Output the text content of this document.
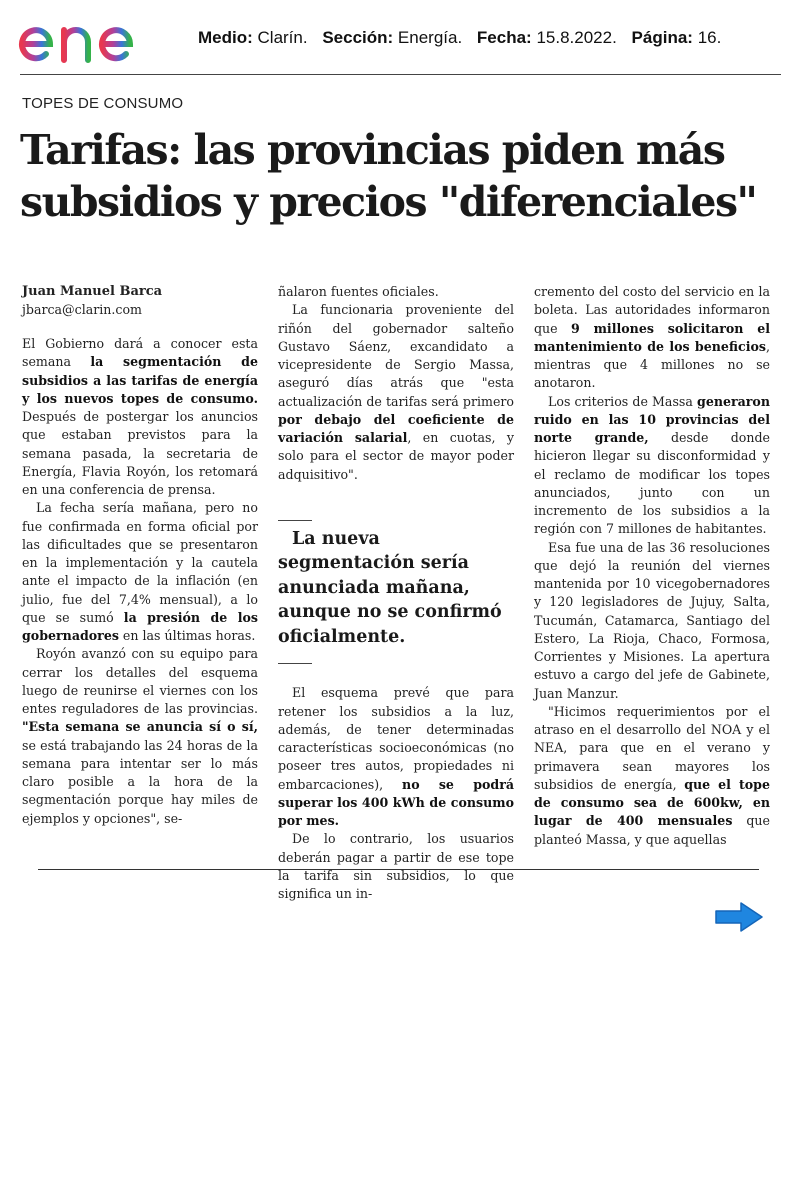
Medio: Clarín. Sección: Energía. Fecha: 15.8.2022. Página: 16.
TOPES DE CONSUMO
Tarifas: las provincias piden más subsidios y precios "diferenciales"

Juan Manuel Barca

jbarca@clarin.com

El Gobierno dará a conocer esta semana la segmentación de subsidios a las tarifas de energía y los nuevos topes de consumo. Después de postergar los anuncios que estaban previstos para la semana pasada, la secretaria de Energía, Flavia Royón, los retomará en una conferencia de prensa.

La fecha sería mañana, pero no fue confirmada en forma oficial por las dificultades que se presentaron en la implementación y la cautela ante el impacto de la inflación (en julio, fue del 7,4% mensual), a lo que se sumó la presión de los gobernadores en las últimas horas.

Royón avanzó con su equipo para cerrar los detalles del esquema luego de reunirse el viernes con los entes reguladores de las provincias. "Esta semana se anuncia sí o sí, se está trabajando las 24 horas de la semana para intentar ser lo más claro posible a la hora de la segmentación porque hay miles de ejemplos y opciones", se-

ñalaron fuentes oficiales.

La funcionaria proveniente del riñón del gobernador salteño Gustavo Sáenz, excandidato a vicepresidente de Sergio Massa, aseguró días atrás que "esta actualización de tarifas será primero por debajo del coeficiente de variación salarial, en cuotas, y solo para el sector de mayor poder adquisitivo".

La nueva segmentación sería anunciada mañana, aunque no se confirmó oficialmente.

El esquema prevé que para retener los subsidios a la luz, además, de tener determinadas características socioeconómicas (no poseer tres autos, propiedades ni embarcaciones), no se podrá superar los 400 kWh de consumo por mes.

De lo contrario, los usuarios deberán pagar a partir de ese tope la tarifa sin subsidios, lo que significa un in-

cremento del costo del servicio en la boleta. Las autoridades informaron que 9 millones solicitaron el mantenimiento de los beneficios, mientras que 4 millones no se anotaron.

Los criterios de Massa generaron ruido en las 10 provincias del norte grande, desde donde hicieron llegar su disconformidad y el reclamo de modificar los topes anunciados, junto con un incremento de los subsidios a la región con 7 millones de habitantes.

Esa fue una de las 36 resoluciones que dejó la reunión del viernes mantenida por 10 vicegobernadores y 120 legisladores de Jujuy, Salta, Tucumán, Catamarca, Santiago del Estero, La Rioja, Chaco, Formosa, Corrientes y Misiones. La apertura estuvo a cargo del jefe de Gabinete, Juan Manzur.

"Hicimos requerimientos por el atraso en el desarrollo del NOA y el NEA, para que en el verano y primavera sean mayores los subsidios de energía, que el tope de consumo sea de 600kw, en lugar de 400 mensuales que planteó Massa, y que aquellas
